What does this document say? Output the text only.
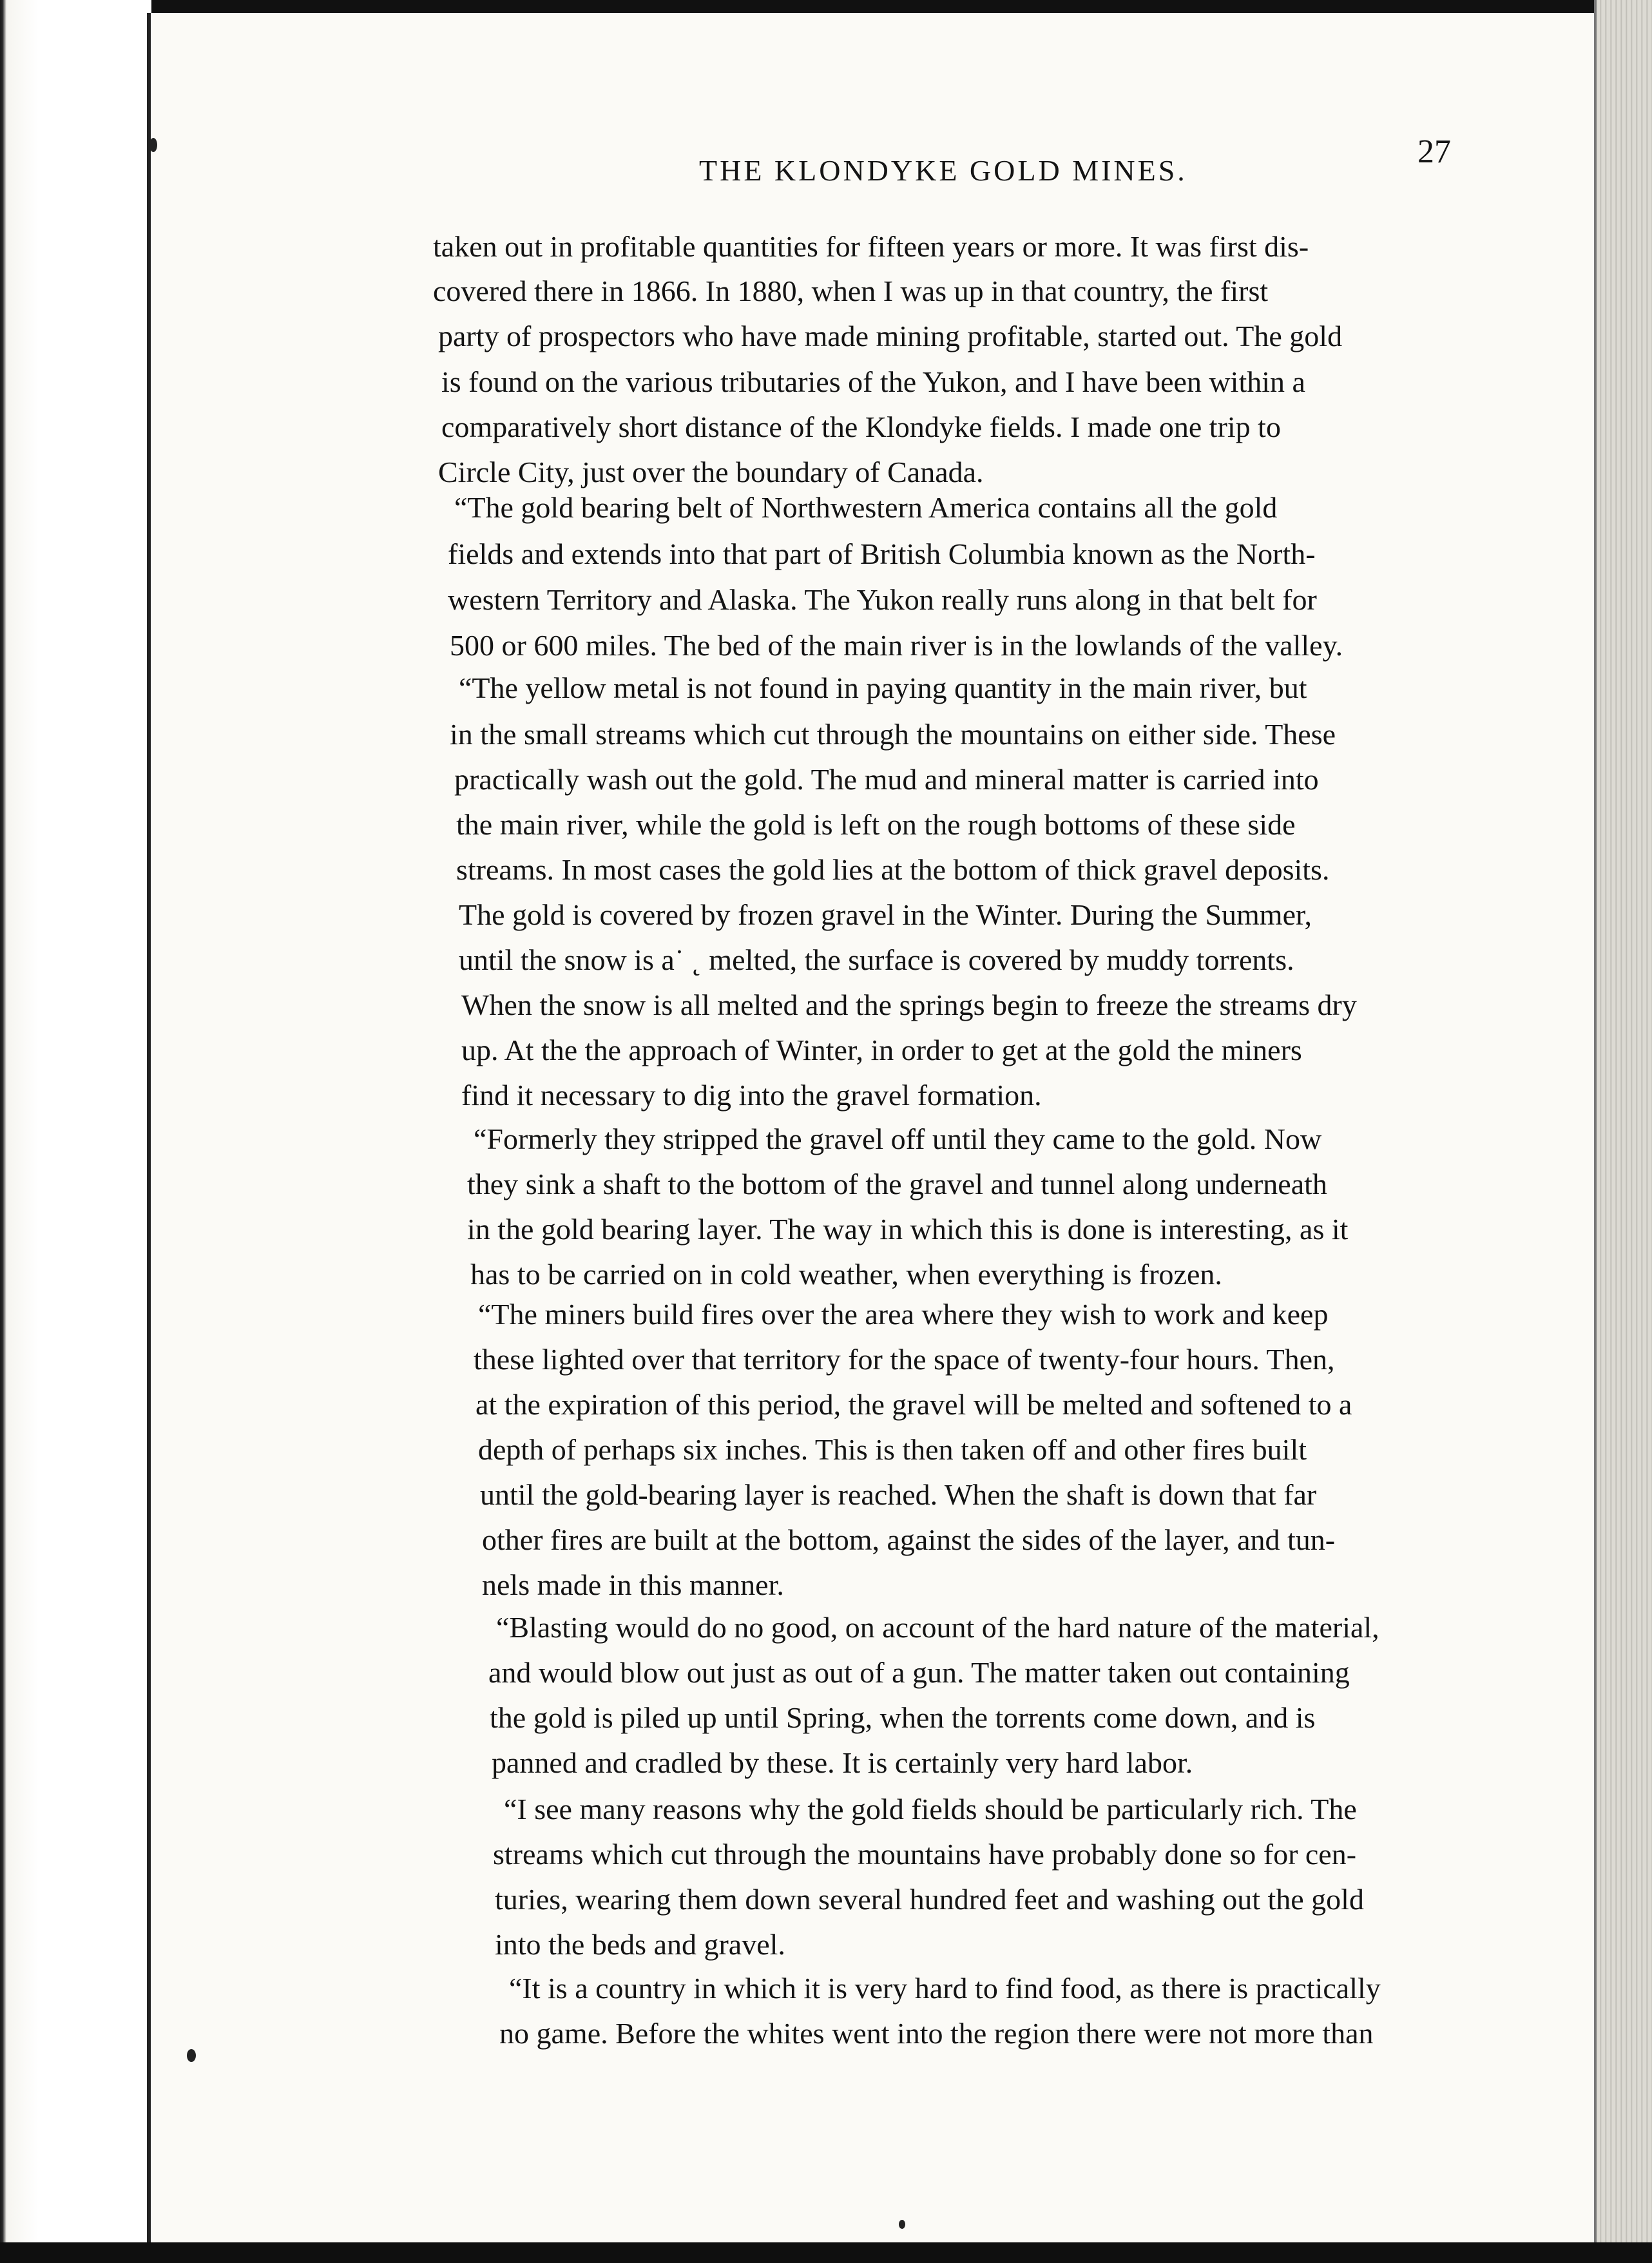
THE KLONDYKE GOLD MINES.
27
taken out in profitable quantities for fifteen years or more. It was first dis-
covered there in 1866. In 1880, when I was up in that country, the first
party of prospectors who have made mining profitable, started out. The gold
is found on the various tributaries of the Yukon, and I have been within a
comparatively short distance of the Klondyke fields. I made one trip to
Circle City, just over the boundary of Canada.
“The gold bearing belt of Northwestern America contains all the gold
fields and extends into that part of British Columbia known as the North-
western Territory and Alaska. The Yukon really runs along in that belt for
500 or 600 miles. The bed of the main river is in the lowlands of the valley.
“The yellow metal is not found in paying quantity in the main river, but
in the small streams which cut through the mountains on either side. These
practically wash out the gold. The mud and mineral matter is carried into
the main river, while the gold is left on the rough bottoms of these side
streams. In most cases the gold lies at the bottom of thick gravel deposits.
The gold is covered by frozen gravel in the Winter. During the Summer,
until the snow is a˙ ˛ melted, the surface is covered by muddy torrents.
When the snow is all melted and the springs begin to freeze the streams dry
up. At the the approach of Winter, in order to get at the gold the miners
find it necessary to dig into the gravel formation.
“Formerly they stripped the gravel off until they came to the gold. Now
they sink a shaft to the bottom of the gravel and tunnel along underneath
in the gold bearing layer. The way in which this is done is interesting, as it
has to be carried on in cold weather, when everything is frozen.
“The miners build fires over the area where they wish to work and keep
these lighted over that territory for the space of twenty-four hours. Then,
at the expiration of this period, the gravel will be melted and softened to a
depth of perhaps six inches. This is then taken off and other fires built
until the gold-bearing layer is reached. When the shaft is down that far
other fires are built at the bottom, against the sides of the layer, and tun-
nels made in this manner.
“Blasting would do no good, on account of the hard nature of the material,
and would blow out just as out of a gun. The matter taken out containing
the gold is piled up until Spring, when the torrents come down, and is
panned and cradled by these. It is certainly very hard labor.
“I see many reasons why the gold fields should be particularly rich. The
streams which cut through the mountains have probably done so for cen-
turies, wearing them down several hundred feet and washing out the gold
into the beds and gravel.
“It is a country in which it is very hard to find food, as there is practically
no game. Before the whites went into the region there were not more than
